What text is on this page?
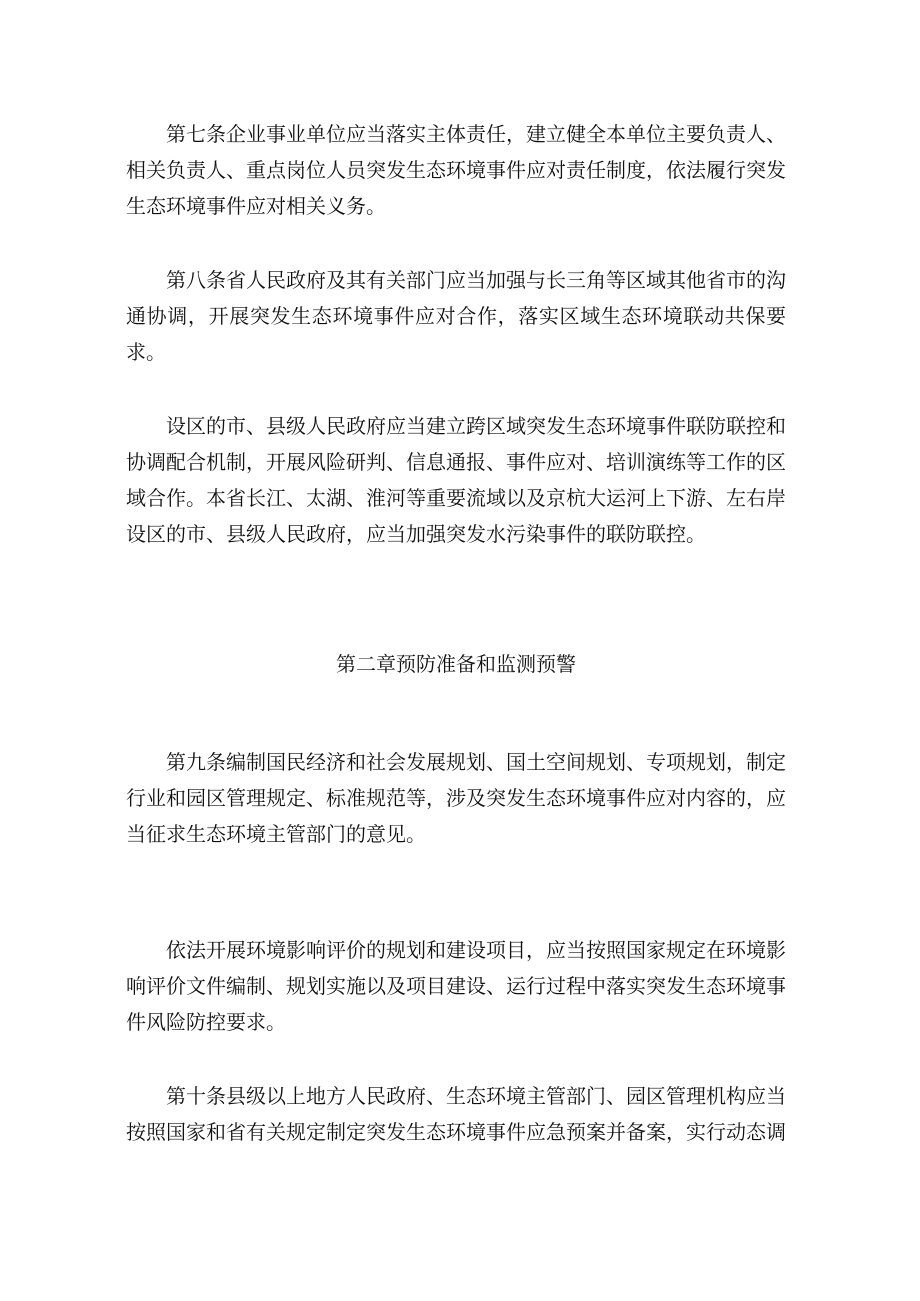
第七条企业事业单位应当落实主体责任，建立健全本单位主要负责人、相关负责人、重点岗位人员突发生态环境事件应对责任制度，依法履行突发生态环境事件应对相关义务。

第八条省人民政府及其有关部门应当加强与长三角等区域其他省市的沟通协调，开展突发生态环境事件应对合作，落实区域生态环境联动共保要求。

设区的市、县级人民政府应当建立跨区域突发生态环境事件联防联控和协调配合机制，开展风险研判、信息通报、事件应对、培训演练等工作的区域合作。本省长江、太湖、淮河等重要流域以及京杭大运河上下游、左右岸设区的市、县级人民政府，应当加强突发水污染事件的联防联控。

第二章预防准备和监测预警

第九条编制国民经济和社会发展规划、国土空间规划、专项规划，制定行业和园区管理规定、标准规范等，涉及突发生态环境事件应对内容的，应当征求生态环境主管部门的意见。

依法开展环境影响评价的规划和建设项目，应当按照国家规定在环境影响评价文件编制、规划实施以及项目建设、运行过程中落实突发生态环境事件风险防控要求。

第十条县级以上地方人民政府、生态环境主管部门、园区管理机构应当按照国家和省有关规定制定突发生态环境事件应急预案并备案，实行动态调
